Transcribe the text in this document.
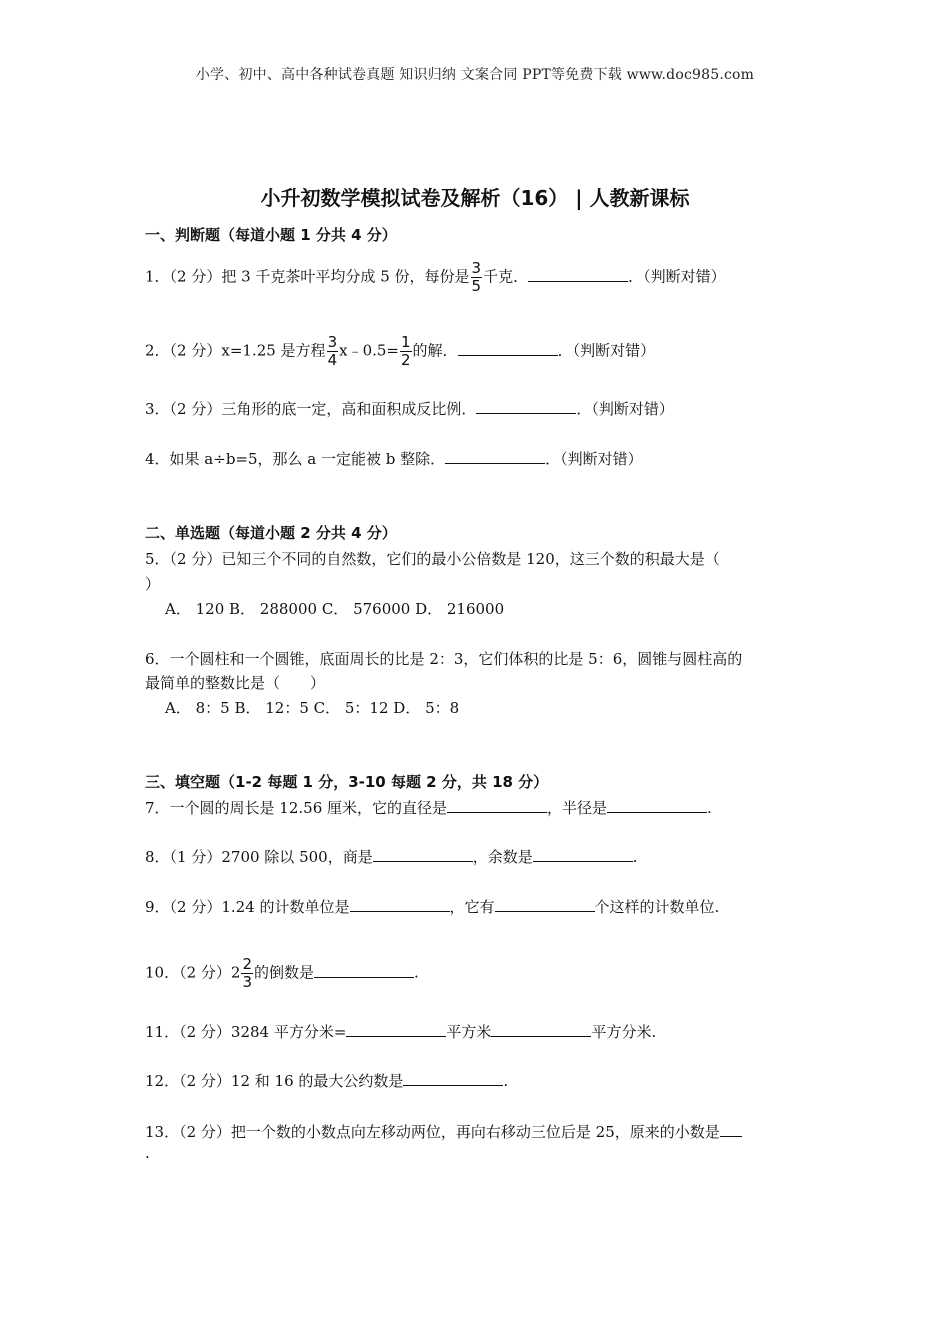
小学、初中、高中各种试卷真题 知识归纳 文案合同 PPT等免费下载 www.doc985.com
小升初数学模拟试卷及解析（16） | 人教新课标
一、判断题（每道小题 1 分共 4 分）
1．（2 分）把 3 千克茶叶平均分成 5 份，每份是 $\frac{3}{5}$ 千克．	．（判断对错）
2．（2 分）x=1.25 是方程 $\frac{3}{4}$ x﹣0.5= $\frac{1}{2}$ 的解．	．（判断对错）
3．（2 分）三角形的底一定，高和面积成反比例．	．（判断对错）
4．如果 a÷b=5，那么 a 一定能被 b 整除．	．（判断对错）
二、单选题（每道小题 2 分共 4 分）
5．（2 分）已知三个不同的自然数，它们的最小公倍数是 120，这三个数的积最大是（
）
A． 120 B． 288000 C． 576000 D． 216000
6．一个圆柱和一个圆锥，底面周长的比是 2：3，它们体积的比是 5：6，圆锥与圆柱高的
最简单的整数比是（　　）
A． 8：5 B． 12：5 C． 5：12 D． 5：8
三、填空题（1-2 每题 1 分，3-10 每题 2 分，共 18 分）
7．一个圆的周长是 12.56 厘米，它的直径是	，半径是	.
8．（1 分）2700 除以 500，商是	，余数是	.
9．（2 分）1.24 的计数单位是	，它有	个这样的计数单位.
10．（2 分）$2 \frac{2}{3}$ 的倒数是	.
11．（2 分）3284 平方分米=	平方米	平方分米.
12．（2 分）12 和 16 的最大公约数是	.
13．（2 分）把一个数的小数点向左移动两位，再向右移动三位后是 25，原来的小数是
.
